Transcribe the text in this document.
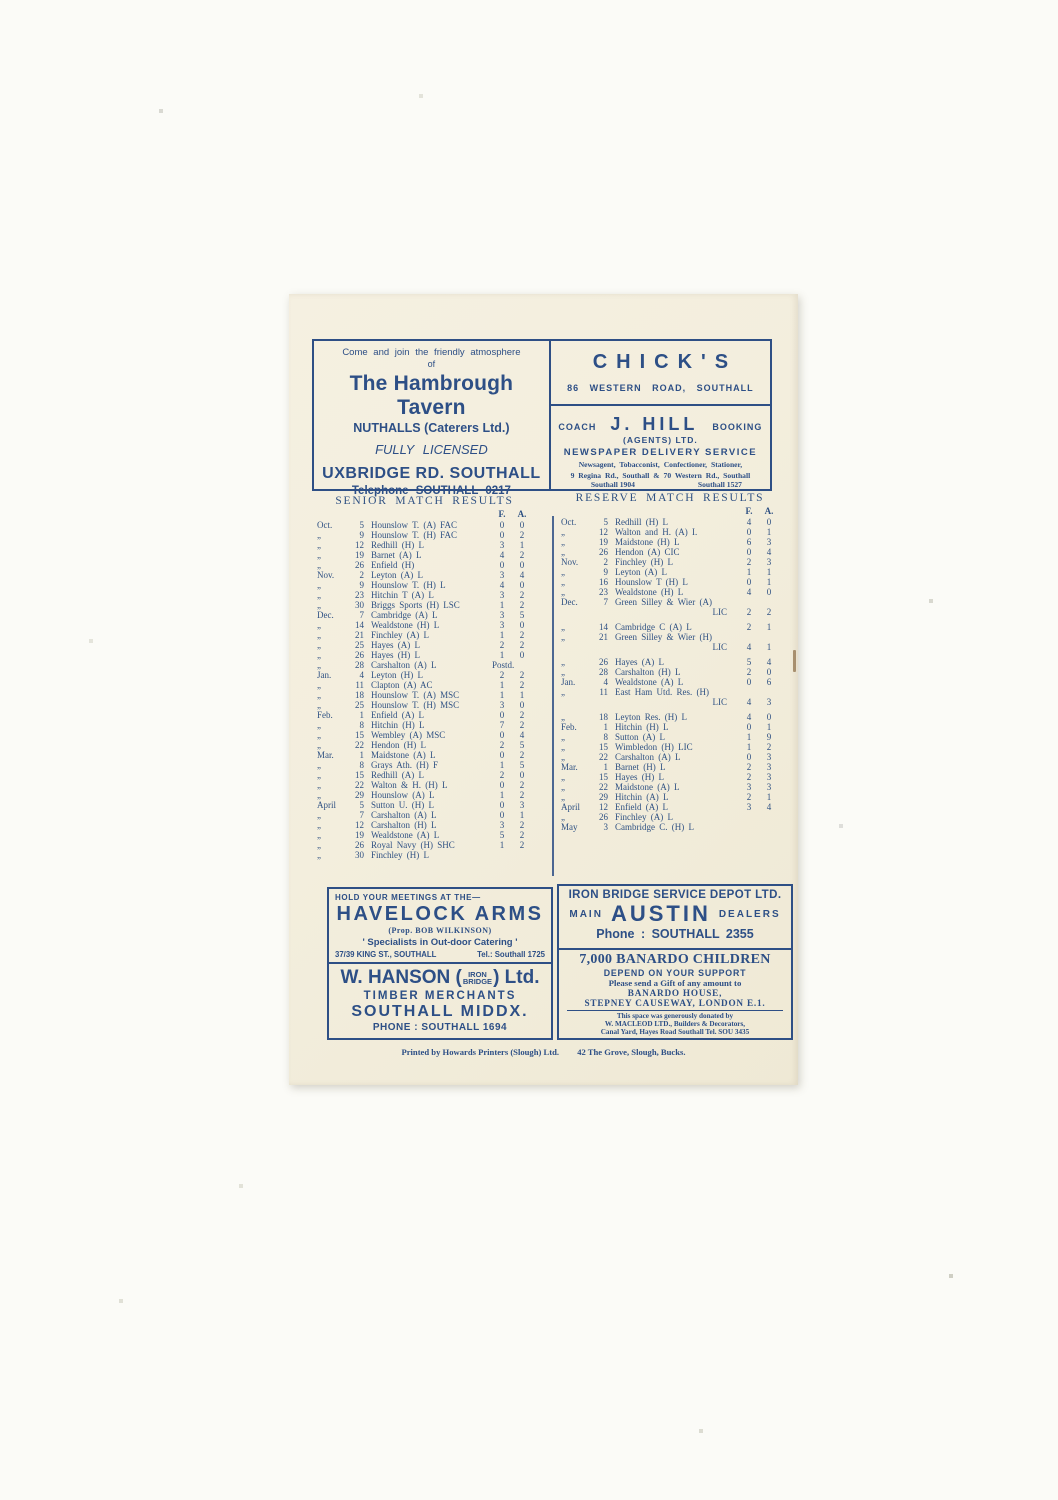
Come and join the friendly atmosphere
of
The Hambrough Tavern
NUTHALLS (Caterers Ltd.)
FULLY LICENSED
UXBRIDGE RD. SOUTHALL
Telephone SOUTHALL 0217
CHICK'S
86 WESTERN ROAD, SOUTHALL
COACH J. HILL BOOKING
(AGENTS) LTD.
NEWSPAPER DELIVERY SERVICE
Newsagent, Tobacconist, Confectioner, Stationer,
9 Regina Rd., Southall & 70 Western Rd., Southall
Southall 1904	Southall 1527
SENIOR MATCH RESULTS
F.	A.
Oct.	5 Hounslow T. (A) FAC	0	0
„	9 Hounslow T. (H) FAC	0	2
„	12 Redhill (H) L	3	1
„	19 Barnet (A) L	4	2
„	26 Enfield (H)	0	0
Nov.	2 Leyton (A) L	3	4
„	9 Hounslow T. (H) L	4	0
„	23 Hitchin T (A) L	3	2
„	30 Briggs Sports (H) LSC	1	2
Dec.	7 Cambridge (A) L	3	5
„	14 Wealdstone (H) L	3	0
„	21 Finchley (A) L	1	2
„	25 Hayes (A) L	2	2
„	26 Hayes (H) L	1	0
„	28 Carshalton (A) L	Postd.
Jan.	4 Leyton (H) L	2	2
„	11 Clapton (A) AC	1	2
„	18 Hounslow T. (A) MSC	1	1
„	25 Hounslow T. (H) MSC	3	0
Feb.	1 Enfield (A) L	0	2
„	8 Hitchin (H) L	7	2
„	15 Wembley (A) MSC	0	4
„	22 Hendon (H) L	2	5
Mar.	1 Maidstone (A) L	0	2
„	8 Grays Ath. (H) F	1	5
„	15 Redhill (A) L	2	0
„	22 Walton & H. (H) L	0	2
„	29 Hounslow (A) L	1	2
April	5 Sutton U. (H) L	0	3
„	7 Carshalton (A) L	0	1
„	12 Carshalton (H) L	3	2
„	19 Wealdstone (A) L	5	2
„	26 Royal Navy (H) SHC	1	2
„	30 Finchley (H) L
RESERVE MATCH RESULTS
F.	A.
Oct.	5 Redhill (H) L	4	0
„	12 Walton and H. (A) I.	0	1
„	19 Maidstone (H) L	6	3
„	26 Hendon (A) CIC	0	4
Nov.	2 Finchley (H) L	2	3
„	9 Leyton (A) L	1	1
„	16 Hounslow T (H) L	0	1
„	23 Wealdstone (H) L	4	0
Dec.	7 Green Silley & Wier (A)
LIC	2	2
„	14 Cambridge C (A) L	2	1
„	21 Green Silley & Wier (H)
LIC	4	1
„	26 Hayes (A) L	5	4
„	28 Carshalton (H) L	2	0
Jan.	4 Wealdstone (A) L	0	6
„	11 East Ham Utd. Res. (H)
LIC	4	3
„	18 Leyton Res. (H) L	4	0
Feb.	1 Hitchin (H) L	0	1
„	8 Sutton (A) L	1	9
„	15 Wimbledon (H) LIC	1	2
„	22 Carshalton (A) L	0	3
Mar.	1 Barnet (H) L	2	3
„	15 Hayes (H) L	2	3
„	22 Maidstone (A) L	3	3
„	29 Hitchin (A) L	2	1
April	12 Enfield (A) L	3	4
„	26 Finchley (A) L
May	3 Cambridge C. (H) L
HOLD YOUR MEETINGS AT THE—
HAVELOCK ARMS
(Prop. BOB WILKINSON)
' Specialists in Out-door Catering '
37/39 KING ST., SOUTHALL	Tel.: Southall 1725
W. HANSON ( IRON
BRIDGE ) Ltd.
TIMBER MERCHANTS
SOUTHALL MIDDX.
PHONE : SOUTHALL 1694
IRON BRIDGE SERVICE DEPOT LTD.
MAIN AUSTIN DEALERS
Phone : SOUTHALL 2355
7,000 BANARDO CHILDREN
DEPEND ON YOUR SUPPORT
Please send a Gift of any amount to
BANARDO HOUSE,
STEPNEY CAUSEWAY, LONDON E.1.
This space was generously donated by
W. MACLEOD LTD., Builders & Decorators,
Canal Yard, Hayes Road Southall Tel. SOU 3435
Printed by Howards Printers (Slough) Ltd. 42 The Grove, Slough, Bucks.
